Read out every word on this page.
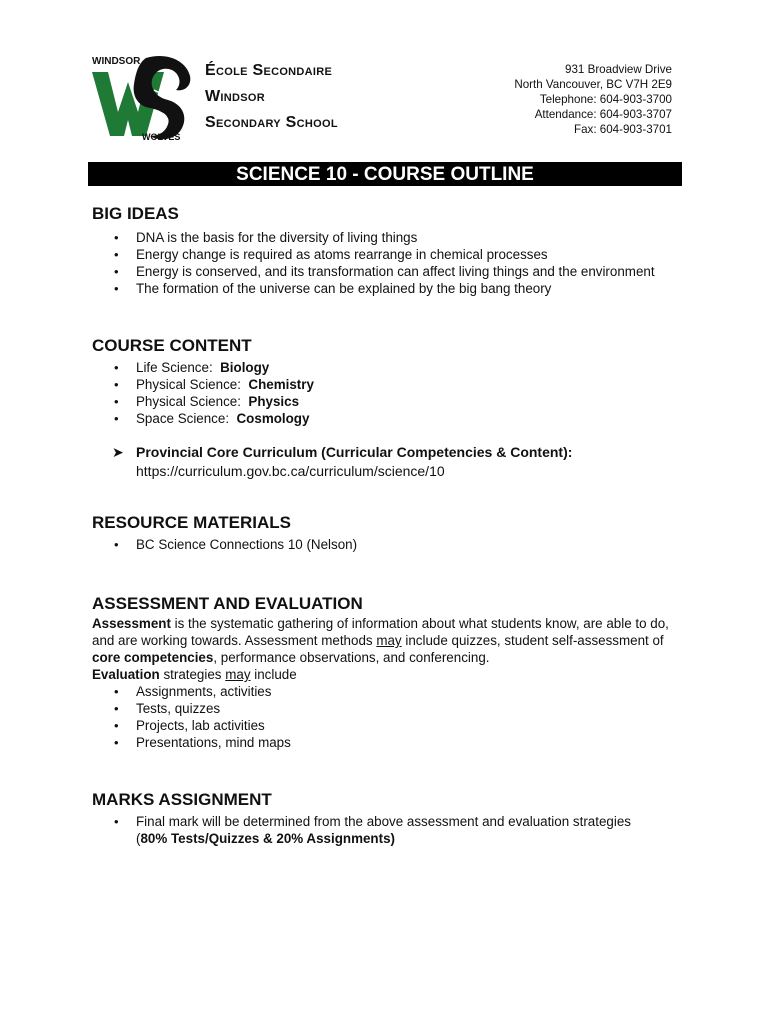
WINDSOR
WOLVES
École Secondaire
Windsor
Secondary School
931 Broadview Drive
North Vancouver, BC V7H 2E9
Telephone: 604-903-3700
Attendance: 604-903-3707
Fax: 604-903-3701
SCIENCE 10 - COURSE OUTLINE
BIG IDEAS
• DNA is the basis for the diversity of living things
• Energy change is required as atoms rearrange in chemical processes
• Energy is conserved, and its transformation can affect living things and the environment
• The formation of the universe can be explained by the big bang theory
COURSE CONTENT
• Life Science: Biology
• Physical Science: Chemistry
• Physical Science: Physics
• Space Science: Cosmology
➤ Provincial Core Curriculum (Curricular Competencies & Content):
https://curriculum.gov.bc.ca/curriculum/science/10
RESOURCE MATERIALS
• BC Science Connections 10 (Nelson)
ASSESSMENT AND EVALUATION
Assessment is the systematic gathering of information about what students know, are able to do, and are working towards. Assessment methods may include quizzes, student self-assessment of core competencies, performance observations, and conferencing.
Evaluation strategies may include
• Assignments, activities
• Tests, quizzes
• Projects, lab activities
• Presentations, mind maps
MARKS ASSIGNMENT
• Final mark will be determined from the above assessment and evaluation strategies
(80% Tests/Quizzes & 20% Assignments)
